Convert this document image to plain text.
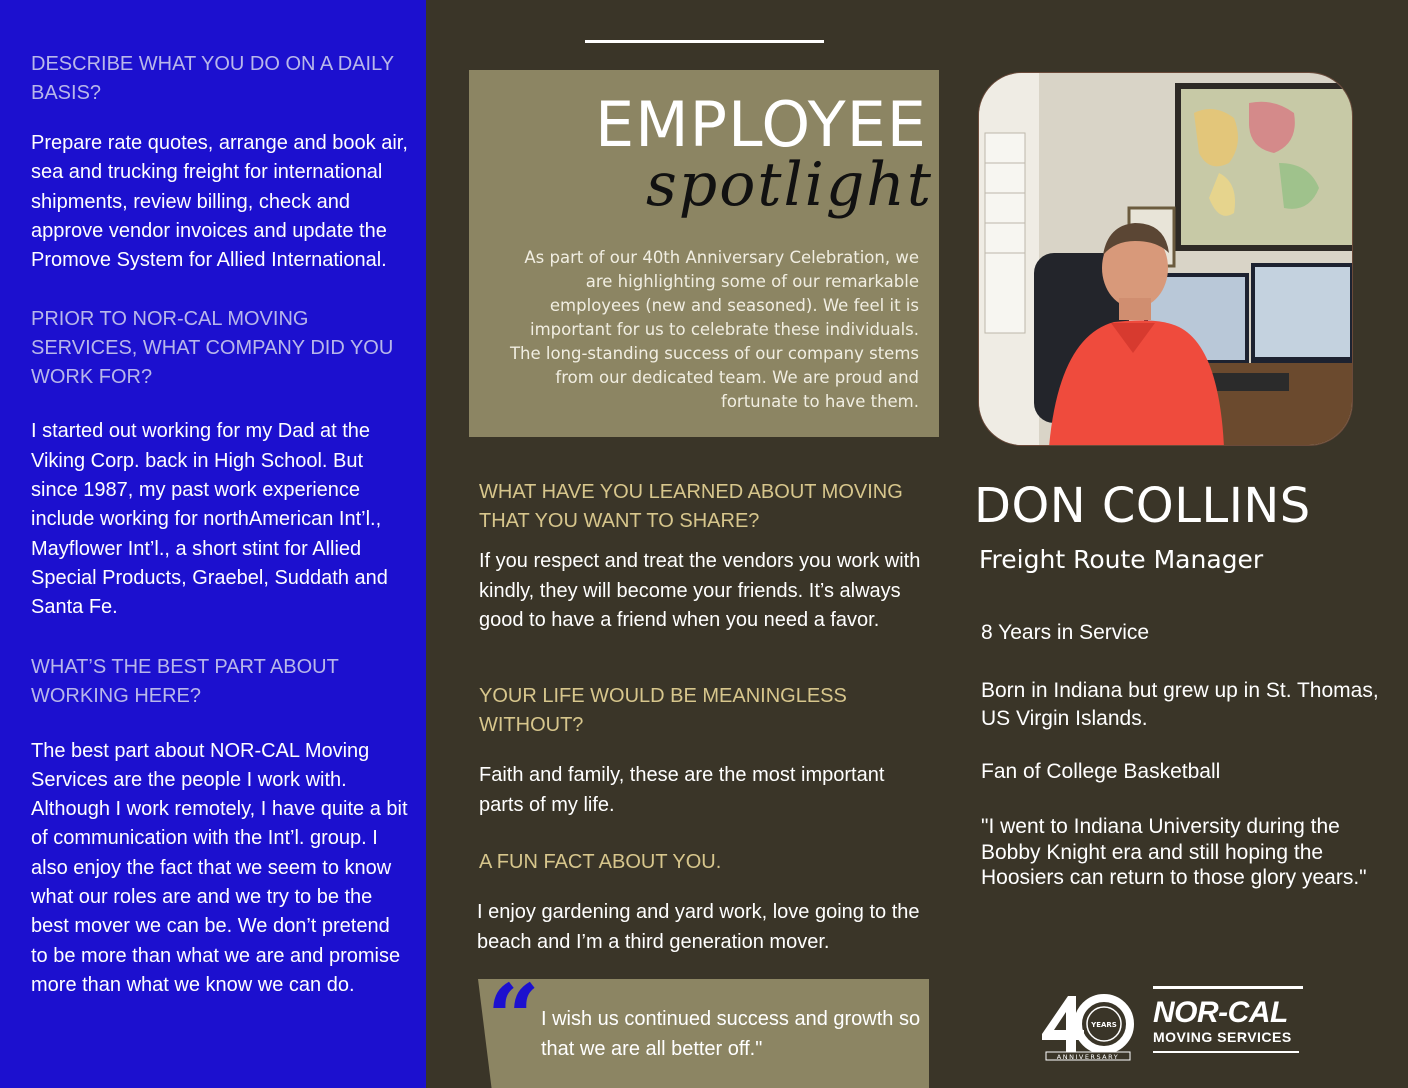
DESCRIBE WHAT YOU DO ON A DAILY BASIS?

Prepare rate quotes, arrange and book air, sea and trucking freight for international shipments, review billing, check and approve vendor invoices and update the Promove System for Allied International.

PRIOR TO NOR-CAL MOVING SERVICES, WHAT COMPANY DID YOU WORK FOR?

I started out working for my Dad at the Viking Corp. back in High School. But since 1987, my past work experience include working for northAmerican Int’l., Mayflower Int’l., a short stint for Allied Special Products, Graebel, Suddath and Santa Fe.

WHAT’S THE BEST PART ABOUT WORKING HERE?

The best part about NOR-CAL Moving Services are the people I work with. Although I work remotely, I have quite a bit of communication with the Int’l. group. I also enjoy the fact that we seem to know what our roles are and we try to be the best mover we can be. We don’t pretend to be more than what we are and promise more than what we know we can do.

EMPLOYEE
spotlight
As part of our 40th Anniversary Celebration, we are highlighting some of our remarkable employees (new and seasoned). We feel it is important for us to celebrate these individuals. The long-standing success of our company stems from our dedicated team. We are proud and fortunate to have them.
WHAT HAVE YOU LEARNED ABOUT MOVING THAT YOU WANT TO SHARE?

If you respect and treat the vendors you work with kindly, they will become your friends. It’s always good to have a friend when you need a favor.

YOUR LIFE WOULD BE MEANINGLESS WITHOUT?

Faith and family, these are the most important parts of my life.

A FUN FACT ABOUT YOU.

I enjoy gardening and yard work, love going to the beach and I’m a third generation mover.

DON COLLINS
Freight Route Manager
8 Years in Service
Born in Indiana but grew up in St. Thomas, US Virgin Islands.
Fan of College Basketball
"I went to Indiana University during the Bobby Knight era and still hoping the Hoosiers can return to those glory years."
“ I wish us continued success and growth so that we are all better off."
YEARS
ANNIVERSARY
NOR-CAL
MOVING SERVICES
